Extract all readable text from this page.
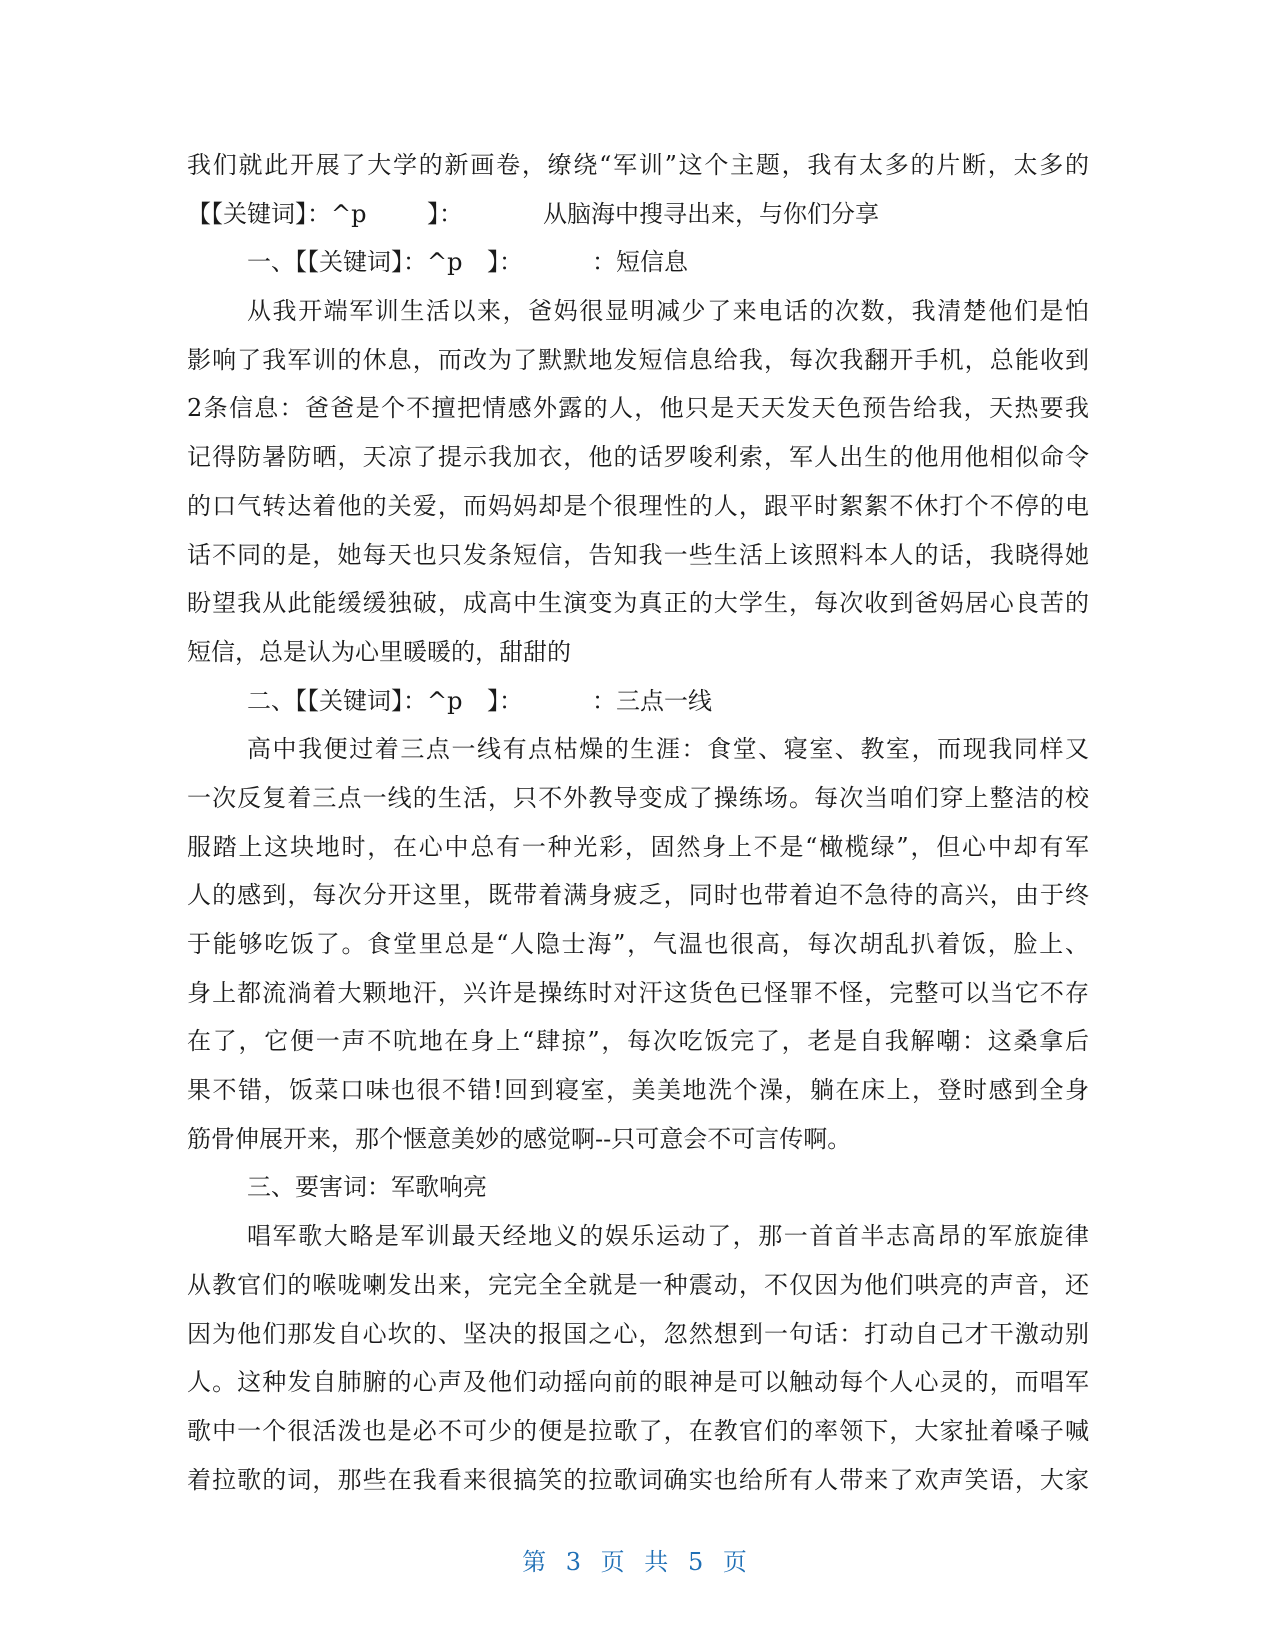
我们就此开展了大学的新画卷，缭绕“军训”这个主题，我有太多的片断，太多的
【【关键词】：^p	】：	从脑海中搜寻出来，与你们分享
一、【【关键词】：^p	】：	：短信息
从我开端军训生活以来，爸妈很显明减少了来电话的次数，我清楚他们是怕
影响了我军训的休息，而改为了默默地发短信息给我，每次我翻开手机，总能收到
2条信息：爸爸是个不擅把情感外露的人，他只是天天发天色预告给我，天热要我
记得防暑防晒，天凉了提示我加衣，他的话罗唆利索，军人出生的他用他相似命令
的口气转达着他的关爱，而妈妈却是个很理性的人，跟平时絮絮不休打个不停的电
话不同的是，她每天也只发条短信，告知我一些生活上该照料本人的话，我晓得她
盼望我从此能缓缓独破，成高中生演变为真正的大学生，每次收到爸妈居心良苦的
短信，总是认为心里暖暖的，甜甜的
二、【【关键词】：^p	】：	：三点一线
高中我便过着三点一线有点枯燥的生涯：食堂、寝室、教室，而现我同样又
一次反复着三点一线的生活，只不外教导变成了操练场。每次当咱们穿上整洁的校
服踏上这块地时，在心中总有一种光彩，固然身上不是“橄榄绿”，但心中却有军
人的感到，每次分开这里，既带着满身疲乏，同时也带着迫不急待的高兴，由于终
于能够吃饭了。食堂里总是“人隐士海”，气温也很高，每次胡乱扒着饭，脸上、
身上都流淌着大颗地汗，兴许是操练时对汗这货色已怪罪不怪，完整可以当它不存
在了，它便一声不吭地在身上“肆掠”，每次吃饭完了，老是自我解嘲：这桑拿后
果不错，饭菜口味也很不错!回到寝室，美美地洗个澡，躺在床上，登时感到全身
筋骨伸展开来，那个惬意美妙的感觉啊--只可意会不可言传啊。
三、要害词：军歌响亮
唱军歌大略是军训最天经地义的娱乐运动了，那一首首半志高昂的军旅旋律
从教官们的喉咙喇发出来，完完全全就是一种震动，不仅因为他们哄亮的声音，还
因为他们那发自心坎的、坚决的报国之心，忽然想到一句话：打动自己才干激动别
人。这种发自肺腑的心声及他们动摇向前的眼神是可以触动每个人心灵的，而唱军
歌中一个很活泼也是必不可少的便是拉歌了，在教官们的率领下，大家扯着嗓子喊
着拉歌的词，那些在我看来很搞笑的拉歌词确实也给所有人带来了欢声笑语，大家
第 3 页 共 5 页
